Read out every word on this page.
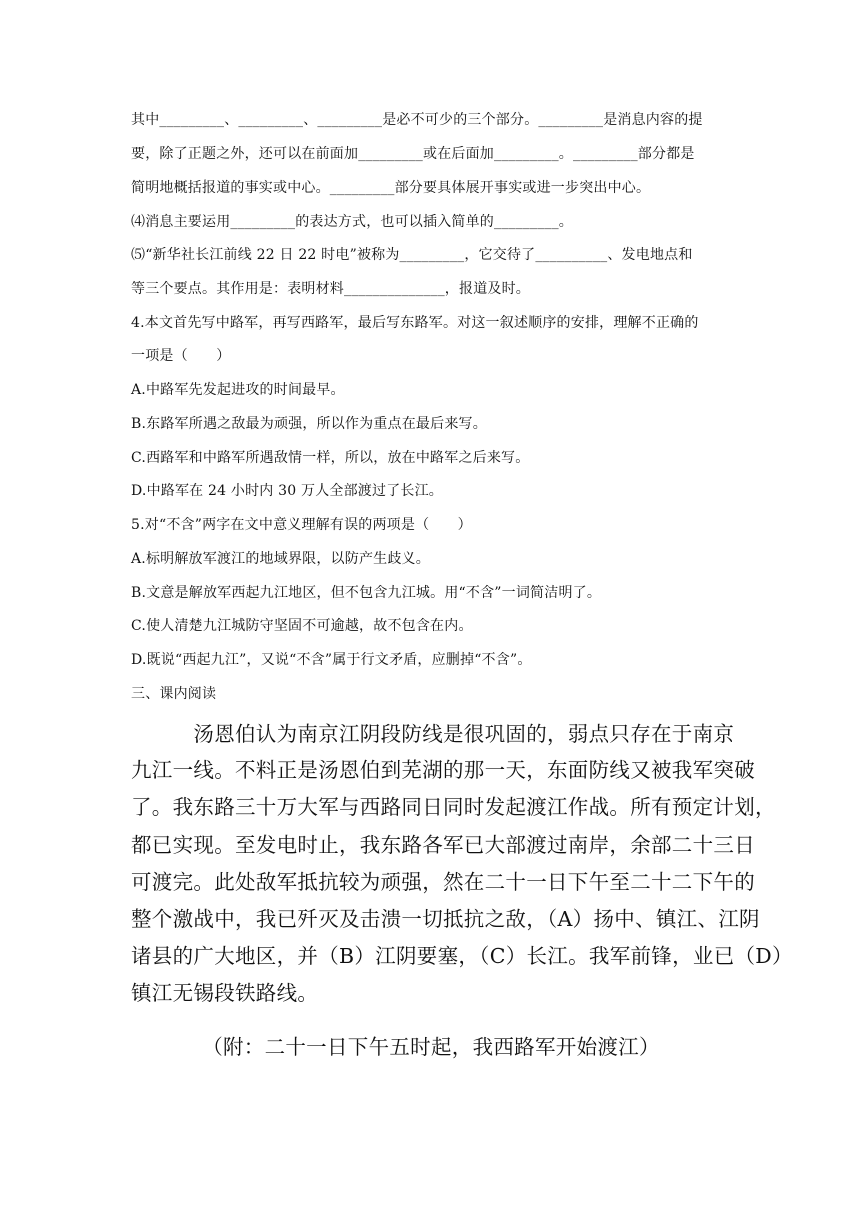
其中_________、_________、_________是必不可少的三个部分。_________是消息内容的提
要，除了正题之外，还可以在前面加_________或在后面加_________。_________部分都是
简明地概括报道的事实或中心。_________部分要具体展开事实或进一步突出中心。
⑷消息主要运用_________的表达方式，也可以插入简单的_________。
⑸“新华社长江前线 22 日 22 时电”被称为_________，它交待了__________、发电地点和
等三个要点。其作用是：表明材料______________，报道及时。
4.本文首先写中路军，再写西路军，最后写东路军。对这一叙述顺序的安排，理解不正确的
一项是（　　）
A.中路军先发起进攻的时间最早。
B.东路军所遇之敌最为顽强，所以作为重点在最后来写。
C.西路军和中路军所遇敌情一样，所以，放在中路军之后来写。
D.中路军在 24 小时内 30 万人全部渡过了长江。
5.对“不含”两字在文中意义理解有误的两项是（　　）
A.标明解放军渡江的地域界限，以防产生歧义。
B.文意是解放军西起九江地区，但不包含九江城。用“不含”一词简洁明了。
C.使人清楚九江城防守坚固不可逾越，故不包含在内。
D.既说“西起九江”，又说“不含”属于行文矛盾，应删掉“不含”。
三、课内阅读
　　　汤恩伯认为南京江阴段防线是很巩固的，弱点只存在于南京
九江一线。不料正是汤恩伯到芜湖的那一天，东面防线又被我军突破
了。我东路三十万大军与西路同日同时发起渡江作战。所有预定计划，
都已实现。至发电时止，我东路各军已大部渡过南岸，余部二十三日
可渡完。此处敌军抵抗较为顽强，然在二十一日下午至二十二下午的
整个激战中，我已歼灭及击溃一切抵抗之敌，（A）扬中、镇江、江阴
诸县的广大地区，并（B）江阴要塞，（C）长江。我军前锋，业已（D）
镇江无锡段铁路线。
（附：二十一日下午五时起，我西路军开始渡江）
